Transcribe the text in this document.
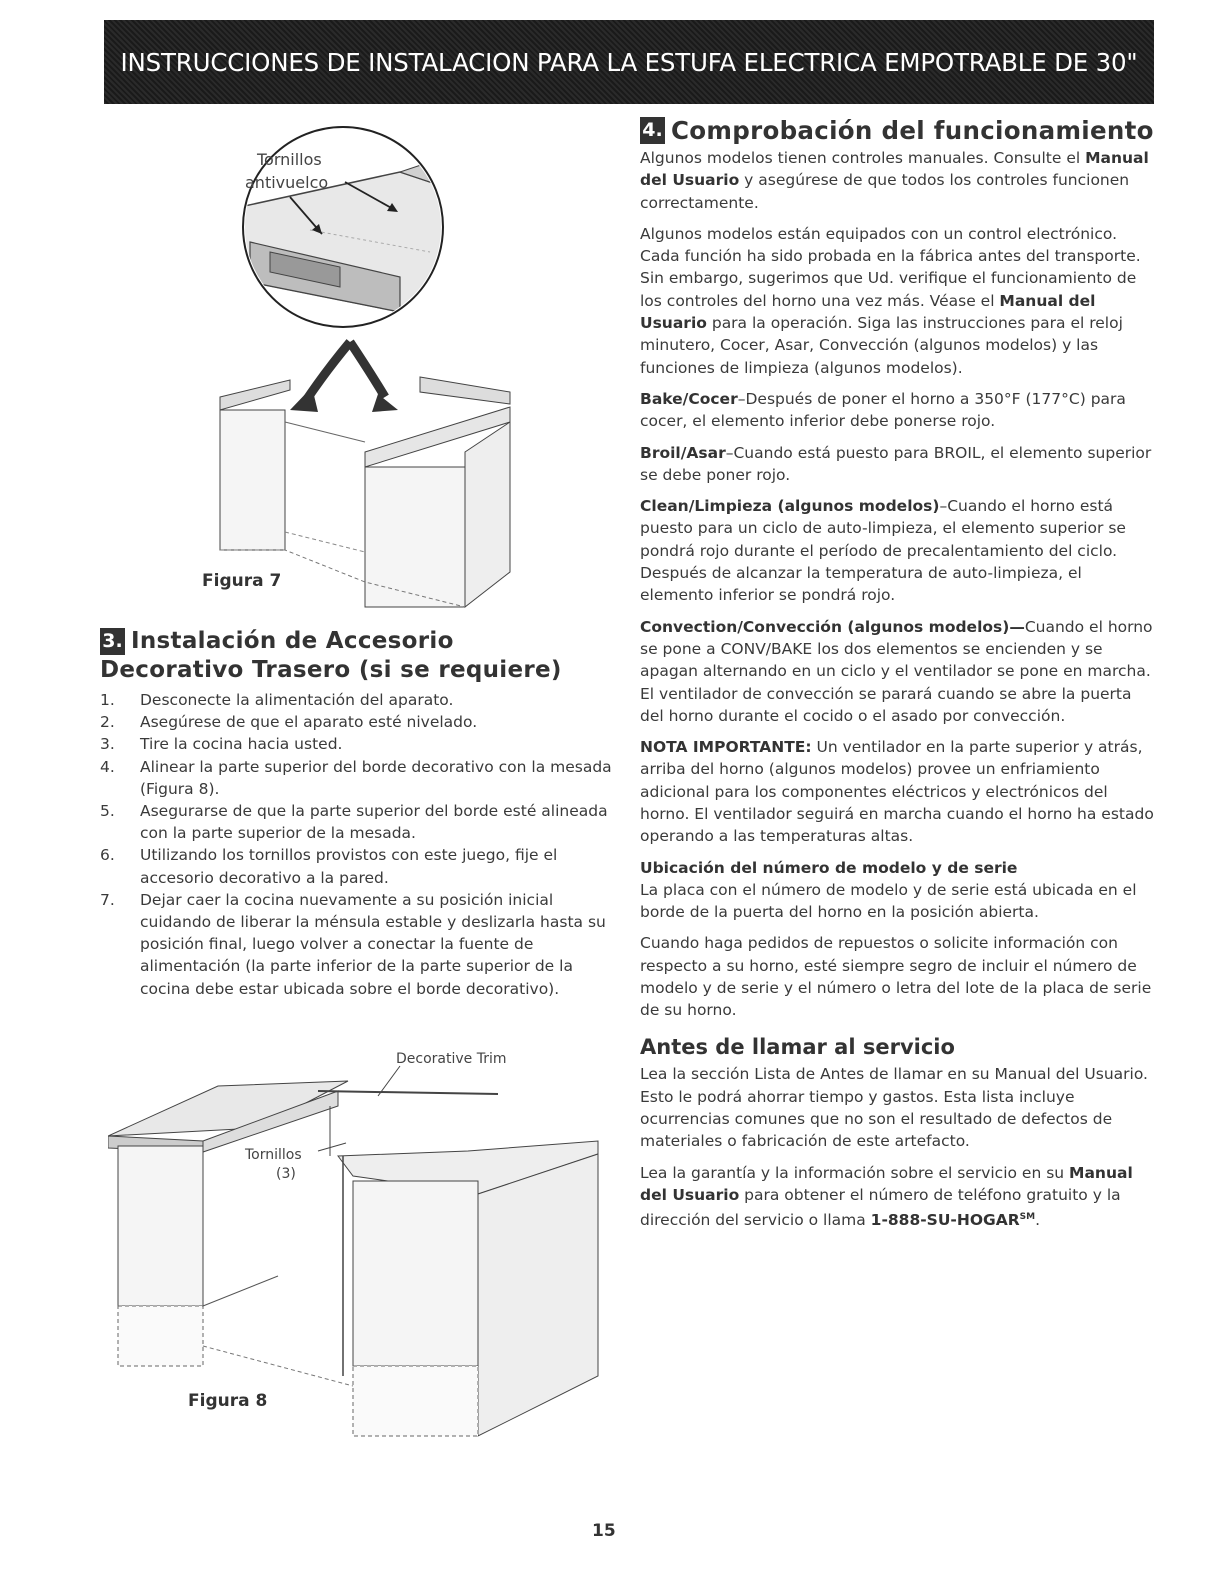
INSTRUCCIONES DE INSTALACION PARA LA ESTUFA ELECTRICA EMPOTRABLE DE 30"
Tornillos
antivuelco
Figura 7
3. Instalación de Accesorio
Decorativo Trasero (si se requiere)
1.	Desconecte la alimentación del aparato.
2.	Asegúrese de que el aparato esté nivelado.
3.	Tire la cocina hacia usted.
4.	Alinear la parte superior del borde decorativo con la mesada (Figura 8).
5.	Asegurarse de que la parte superior del borde esté alineada con la parte superior de la mesada.
6.	Utilizando los tornillos provistos con este juego, fije el accesorio decorativo a la pared.
7.	Dejar caer la cocina nuevamente a su posición inicial cuidando de liberar la ménsula estable y deslizarla hasta su posición final, luego volver a conectar la fuente de alimentación (la parte inferior de la parte superior de la cocina debe estar ubicada sobre el borde decorativo).
Decorative Trim
Tornillos
(3)
Figura 8
4. Comprobación del funcionamiento

Algunos modelos tienen controles manuales. Consulte el Manual del Usuario y asegúrese de que todos los controles funcionen correctamente.

Algunos modelos están equipados con un control electrónico. Cada función ha sido probada en la fábrica antes del transporte. Sin embargo, sugerimos que Ud. verifique el funcionamiento de los controles del horno una vez más. Véase el Manual del Usuario para la operación. Siga las instrucciones para el reloj minutero, Cocer, Asar, Convección (algunos modelos) y las funciones de limpieza (algunos modelos).

Bake/Cocer–Después de poner el horno a 350°F (177°C) para cocer, el elemento inferior debe ponerse rojo.

Broil/Asar–Cuando está puesto para BROIL, el elemento superior se debe poner rojo.

Clean/Limpieza (algunos modelos)–Cuando el horno está puesto para un ciclo de auto-limpieza, el elemento superior se pondrá rojo durante el período de precalentamiento del ciclo. Después de alcanzar la temperatura de auto-limpieza, el elemento inferior se pondrá rojo.

Convection/Convección (algunos modelos)—Cuando el horno se pone a CONV/BAKE los dos elementos se encienden y se apagan alternando en un ciclo y el ventilador se pone en marcha. El ventilador de convección se parará cuando se abre la puerta del horno durante el cocido o el asado por convección.

NOTA IMPORTANTE: Un ventilador en la parte superior y atrás, arriba del horno (algunos modelos) provee un enfriamiento adicional para los componentes eléctricos y electrónicos del horno. El ventilador seguirá en marcha cuando el horno ha estado operando a las temperaturas altas.

Ubicación del número de modelo y de serie

La placa con el número de modelo y de serie está ubicada en el borde de la puerta del horno en la posición abierta.

Cuando haga pedidos de repuestos o solicite información con respecto a su horno, esté siempre segro de incluir el número de modelo y de serie y el número o letra del lote de la placa de serie de su horno.

Antes de llamar al servicio

Lea la sección Lista de Antes de llamar en su Manual del Usuario. Esto le podrá ahorrar tiempo y gastos. Esta lista incluye ocurrencias comunes que no son el resultado de defectos de materiales o fabricación de este artefacto.

Lea la garantía y la información sobre el servicio en su Manual del Usuario para obtener el número de teléfono gratuito y la dirección del servicio o llama 1-888-SU-HOGAR℠.

15
